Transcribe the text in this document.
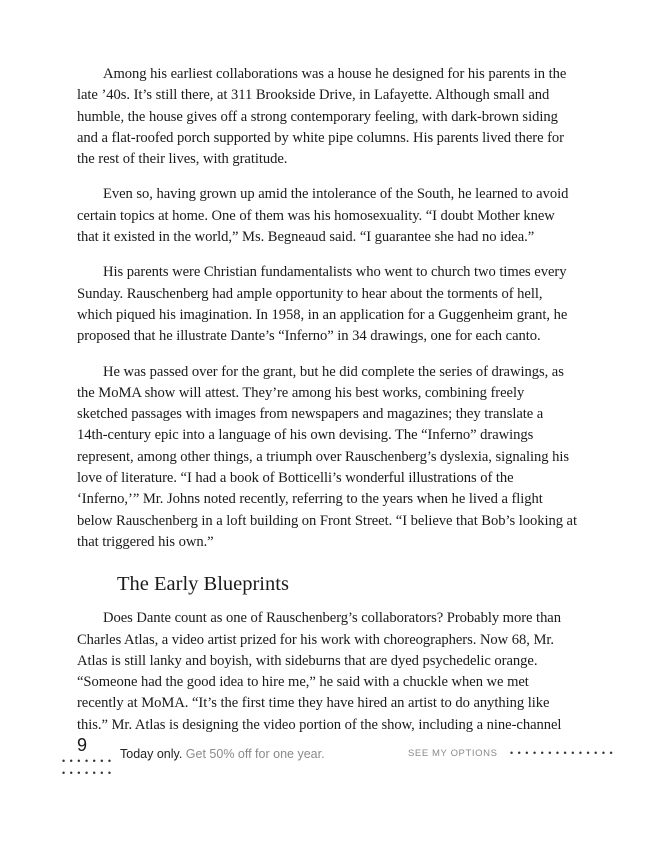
Among his earliest collaborations was a house he designed for his parents in the late ’40s. It’s still there, at 311 Brookside Drive, in Lafayette. Although small and humble, the house gives off a strong contemporary feeling, with dark-brown siding and a flat-roofed porch supported by white pipe columns. His parents lived there for the rest of their lives, with gratitude.

Even so, having grown up amid the intolerance of the South, he learned to avoid certain topics at home. One of them was his homosexuality. “I doubt Mother knew that it existed in the world,” Ms. Begneaud said. “I guarantee she had no idea.”

His parents were Christian fundamentalists who went to church two times every Sunday. Rauschenberg had ample opportunity to hear about the torments of hell, which piqued his imagination. In 1958, in an application for a Guggenheim grant, he proposed that he illustrate Dante’s “Inferno” in 34 drawings, one for each canto.

He was passed over for the grant, but he did complete the series of drawings, as the MoMA show will attest. They’re among his best works, combining freely sketched passages with images from newspapers and magazines; they translate a 14th-century epic into a language of his own devising. The “Inferno” drawings represent, among other things, a triumph over Rauschenberg’s dyslexia, signaling his love of literature. “I had a book of Botticelli’s wonderful illustrations of the ‘Inferno,’” Mr. Johns noted recently, referring to the years when he lived a flight below Rauschenberg in a loft building on Front Street. “I believe that Bob’s looking at that triggered his own.”

The Early Blueprints

Does Dante count as one of Rauschenberg’s collaborators? Probably more than Charles Atlas, a video artist prized for his work with choreographers. Now 68, Mr. Atlas is still lanky and boyish, with sideburns that are dyed psychedelic orange. “Someone had the good idea to hire me,” he said with a chuckle when we met recently at MoMA. “It’s the first time they have hired an artist to do anything like this.” Mr. Atlas is designing the video portion of the show, including a nine-channel

9
• • • • • • •
• • • • • • •
Today only. Get 50% off for one year.	SEE MY OPTIONS • • • • • • • • • • • • • •
